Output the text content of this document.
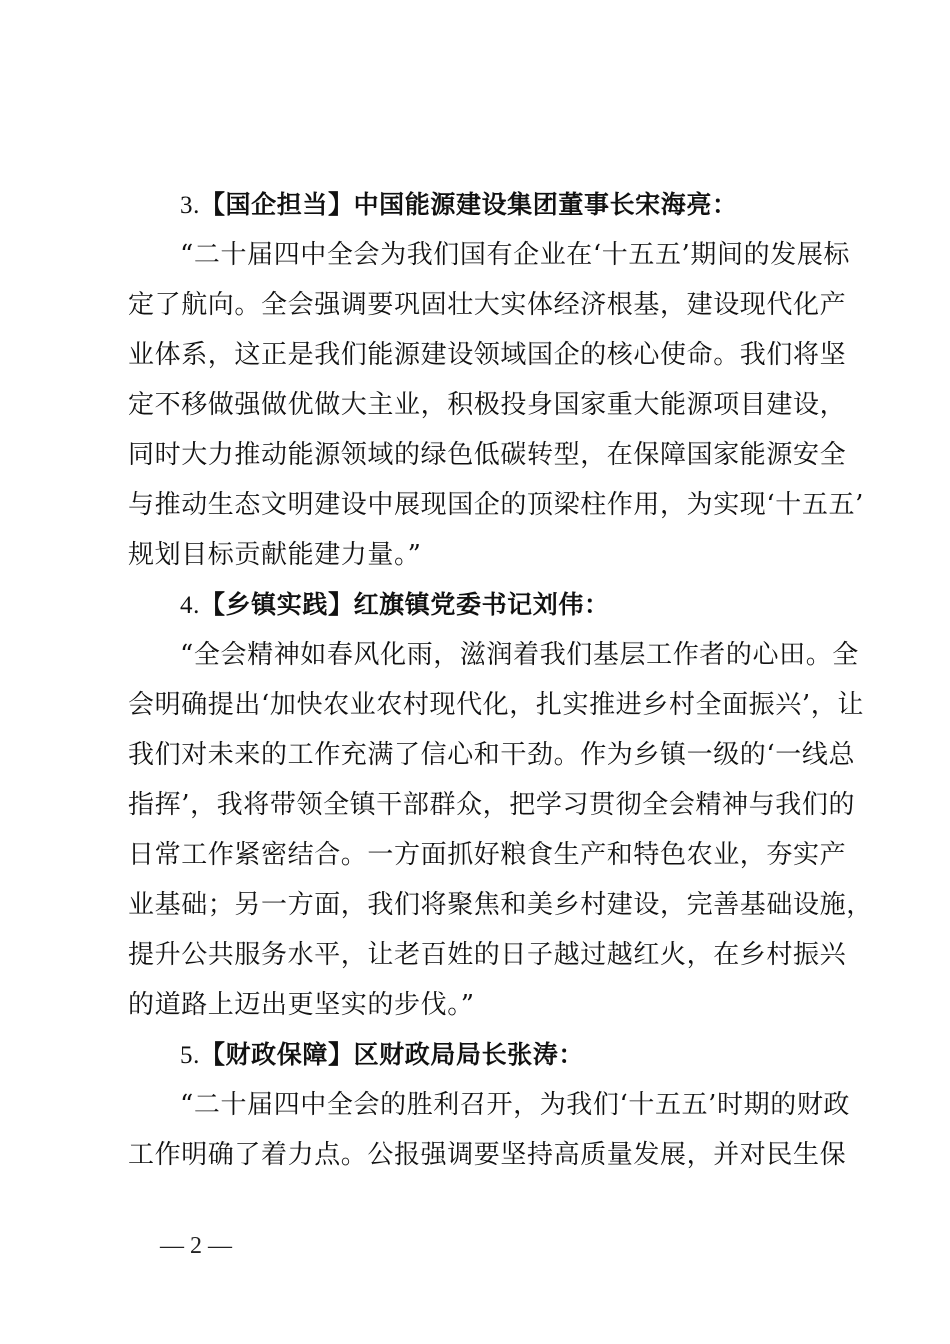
3.【国企担当】中国能源建设集团董事长宋海亮：
“二十届四中全会为我们国有企业在‘十五五’期间的发展标
定了航向。全会强调要巩固壮大实体经济根基，建设现代化产
业体系，这正是我们能源建设领域国企的核心使命。我们将坚
定不移做强做优做大主业，积极投身国家重大能源项目建设，
同时大力推动能源领域的绿色低碳转型，在保障国家能源安全
与推动生态文明建设中展现国企的顶梁柱作用，为实现‘十五五’
规划目标贡献能建力量。”
4.【乡镇实践】红旗镇党委书记刘伟：
“全会精神如春风化雨，滋润着我们基层工作者的心田。全
会明确提出‘加快农业农村现代化，扎实推进乡村全面振兴’，让
我们对未来的工作充满了信心和干劲。作为乡镇一级的‘一线总
指挥’，我将带领全镇干部群众，把学习贯彻全会精神与我们的
日常工作紧密结合。一方面抓好粮食生产和特色农业，夯实产
业基础；另一方面，我们将聚焦和美乡村建设，完善基础设施，
提升公共服务水平，让老百姓的日子越过越红火，在乡村振兴
的道路上迈出更坚实的步伐。”
5.【财政保障】区财政局局长张涛：
“二十届四中全会的胜利召开，为我们‘十五五’时期的财政
工作明确了着力点。公报强调要坚持高质量发展，并对民生保
— 2 —
